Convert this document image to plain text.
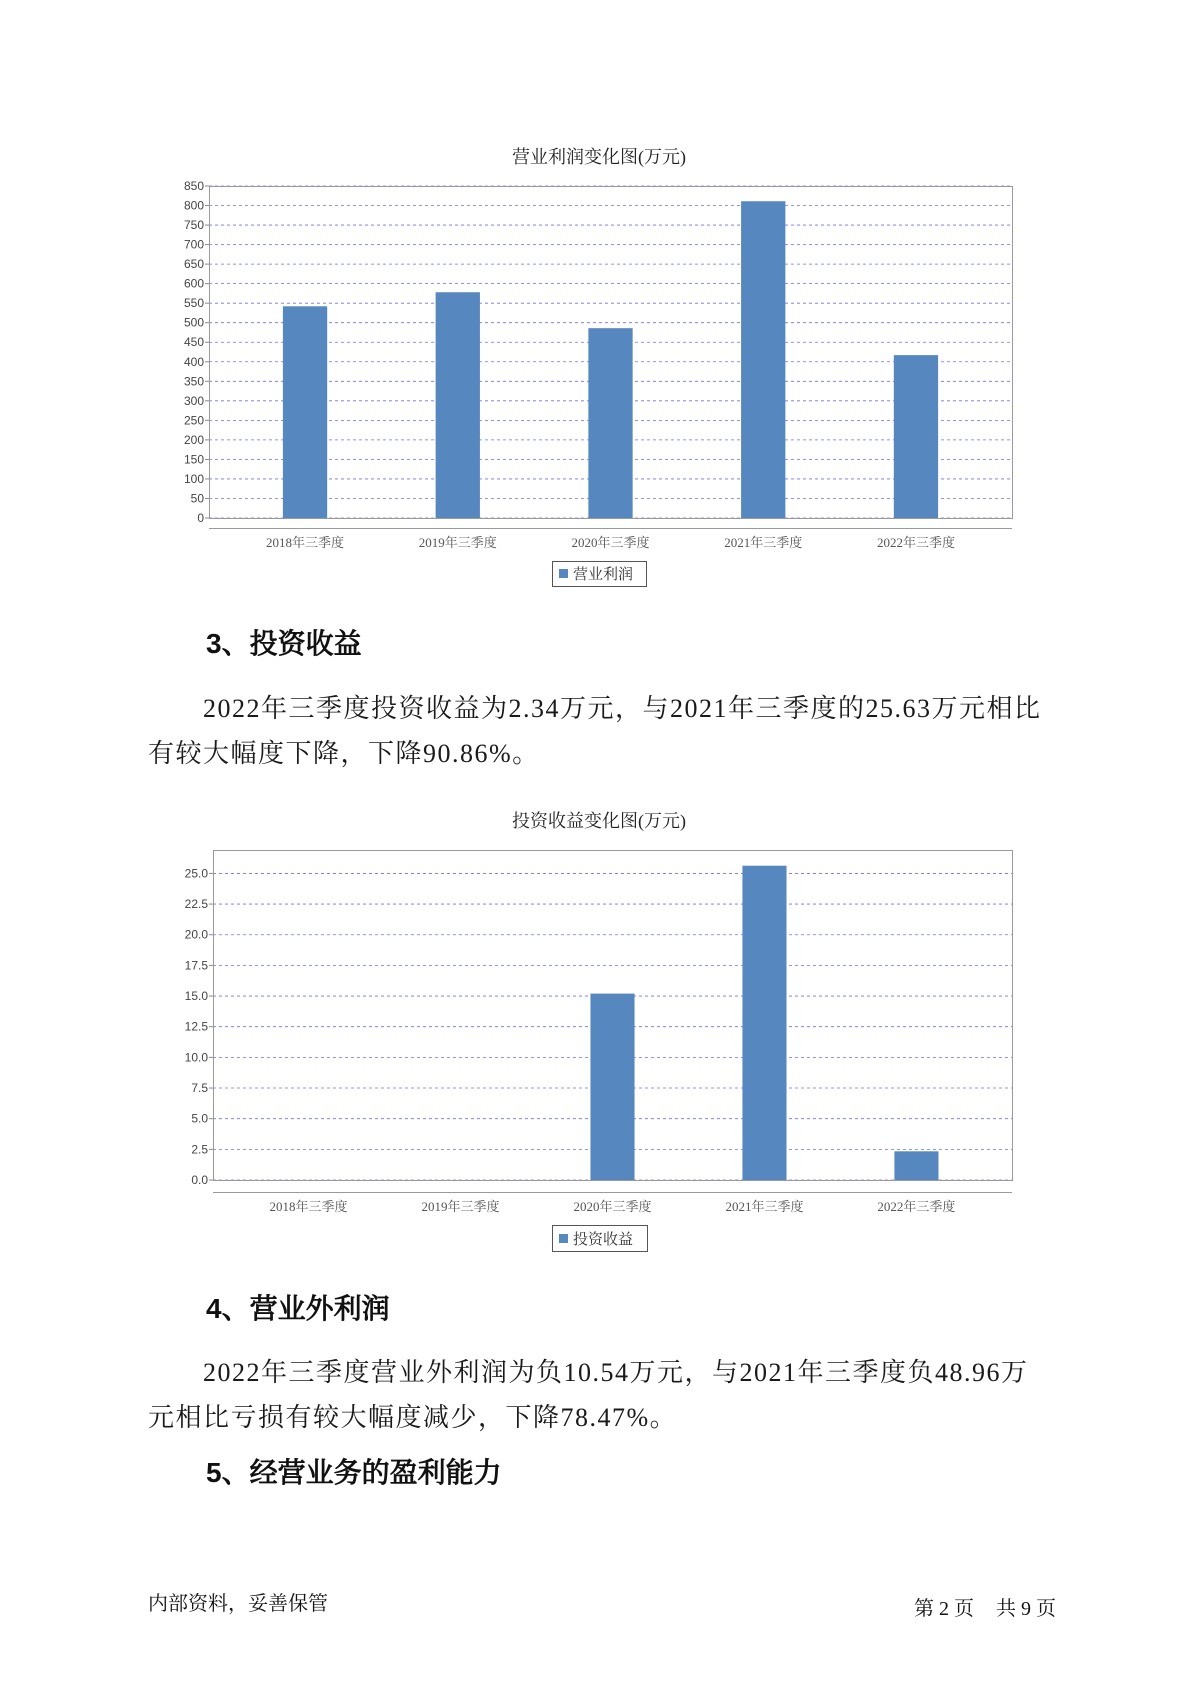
营业利润变化图(万元)
0
50
100
150
200
250
300
350
400
450
500
550
600
650
700
750
800
850
2018年三季度	2019年三季度	2020年三季度	2021年三季度	2022年三季度
营业利润
3、投资收益
2022年三季度投资收益为2.34万元，与2021年三季度的25.63万元相比
有较大幅度下降，下降90.86%。
投资收益变化图(万元)
0.0
2.5
5.0
7.5
10.0
12.5
15.0
17.5
20.0
22.5
25.0
2018年三季度	2019年三季度	2020年三季度	2021年三季度	2022年三季度
投资收益
4、营业外利润
2022年三季度营业外利润为负10.54万元，与2021年三季度负48.96万
元相比亏损有较大幅度减少，下降78.47%。
5、经营业务的盈利能力
内部资料，妥善保管	第 2 页 共 9 页
